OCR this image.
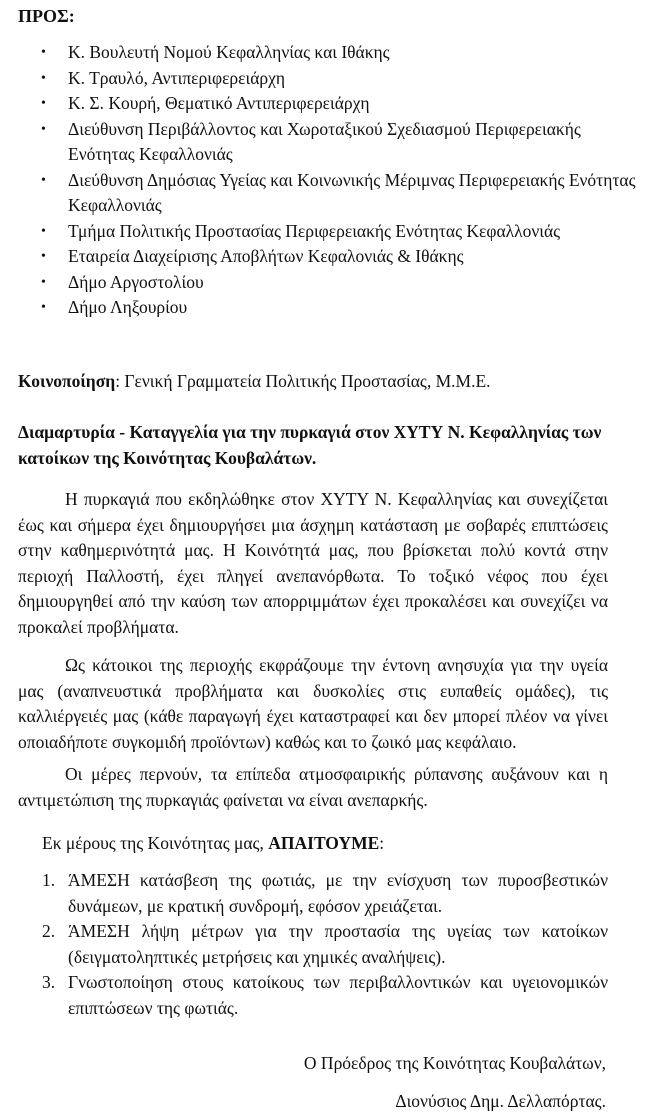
ΠΡΟΣ:
• Κ. Βουλευτή Νομού Κεφαλληνίας και Ιθάκης
• Κ. Τραυλό, Αντιπεριφερειάρχη
• Κ. Σ. Κουρή, Θεματικό Αντιπεριφερειάρχη
• Διεύθυνση Περιβάλλοντος και Χωροταξικού Σχεδιασμού Περιφερειακής Ενότητας Κεφαλλονιάς
• Διεύθυνση Δημόσιας Υγείας και Κοινωνικής Μέριμνας Περιφερειακής Ενότητας Κεφαλλονιάς
• Τμήμα Πολιτικής Προστασίας Περιφερειακής Ενότητας Κεφαλλονιάς
• Εταιρεία Διαχείρισης Αποβλήτων Κεφαλονιάς & Ιθάκης
• Δήμο Αργοστολίου
• Δήμο Ληξουρίου
Κοινοποίηση: Γενική Γραμματεία Πολιτικής Προστασίας, Μ.Μ.Ε.
Διαμαρτυρία - Καταγγελία για την πυρκαγιά στον ΧΥΤΥ Ν. Κεφαλληνίας των κατοίκων της Κοινότητας Κουβαλάτων.
Η πυρκαγιά που εκδηλώθηκε στον ΧΥΤΥ Ν. Κεφαλληνίας και συνεχίζεται έως και σήμερα έχει δημιουργήσει μια άσχημη κατάσταση με σοβαρές επιπτώσεις στην καθημερινότητά μας. Η Κοινότητά μας, που βρίσκεται πολύ κοντά στην περιοχή Παλλοστή, έχει πληγεί ανεπανόρθωτα. Το τοξικό νέφος που έχει δημιουργηθεί από την καύση των απορριμμάτων έχει προκαλέσει και συνεχίζει να προκαλεί προβλήματα.
Ως κάτοικοι της περιοχής εκφράζουμε την έντονη ανησυχία για την υγεία μας (αναπνευστικά προβλήματα και δυσκολίες στις ευπαθείς ομάδες), τις καλλιέργειές μας (κάθε παραγωγή έχει καταστραφεί και δεν μπορεί πλέον να γίνει οποιαδήποτε συγκομιδή προϊόντων) καθώς και το ζωικό μας κεφάλαιο.
Οι μέρες περνούν, τα επίπεδα ατμοσφαιρικής ρύπανσης αυξάνουν και η αντιμετώπιση της πυρκαγιάς φαίνεται να είναι ανεπαρκής.
Εκ μέρους της Κοινότητας μας, ΑΠΑΙΤΟΥΜΕ:
1. ΆΜΕΣΗ κατάσβεση της φωτιάς, με την ενίσχυση των πυροσβεστικών δυνάμεων, με κρατική συνδρομή, εφόσον χρειάζεται.
2. ΆΜΕΣΗ λήψη μέτρων για την προστασία της υγείας των κατοίκων (δειγματοληπτικές μετρήσεις και χημικές αναλήψεις).
3. Γνωστοποίηση στους κατοίκους των περιβαλλοντικών και υγειονομικών επιπτώσεων της φωτιάς.
Ο Πρόεδρος της Κοινότητας Κουβαλάτων,
Διονύσιος Δημ. Δελλαπόρτας.
